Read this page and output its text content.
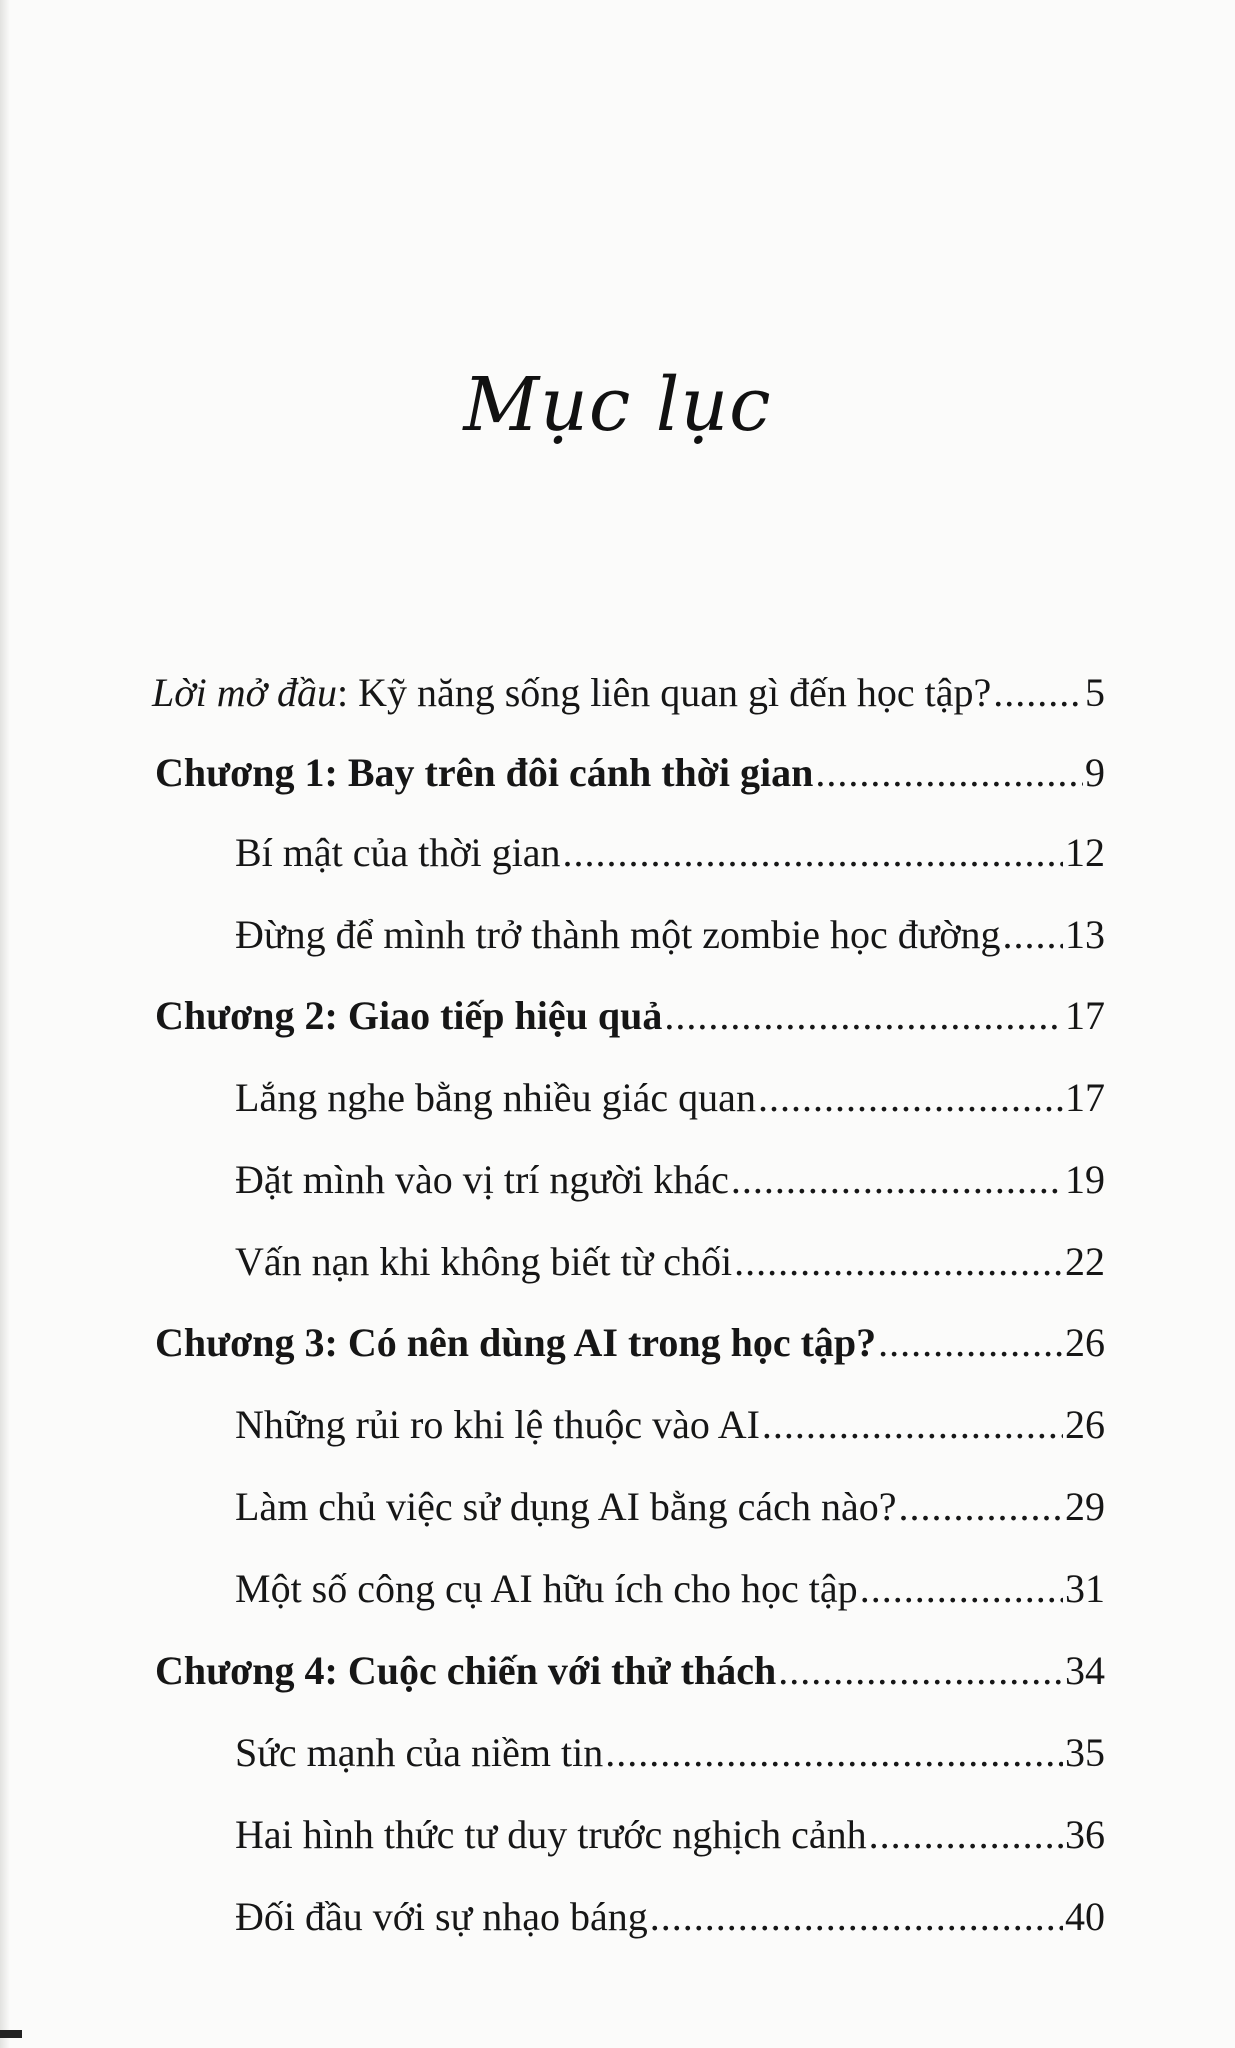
Mục lục
Lời mở đầu: Kỹ năng sống liên quan gì đến học tập? ..... 5
Chương 1: Bay trên đôi cánh thời gian .....	9
Bí mật của thời gian .....	12
Đừng để mình trở thành một zombie học đường ..... 13
Chương 2: Giao tiếp hiệu quả .....	17
Lắng nghe bằng nhiều giác quan .....	17
Đặt mình vào vị trí người khác .....	19
Vấn nạn khi không biết từ chối .....	22
Chương 3: Có nên dùng AI trong học tập? .....	26
Những rủi ro khi lệ thuộc vào AI .....	26
Làm chủ việc sử dụng AI bằng cách nào? .....	29
Một số công cụ AI hữu ích cho học tập .....	31
Chương 4: Cuộc chiến với thử thách .....	34
Sức mạnh của niềm tin .....	35
Hai hình thức tư duy trước nghịch cảnh .....	36
Đối đầu với sự nhạo báng .....	40
